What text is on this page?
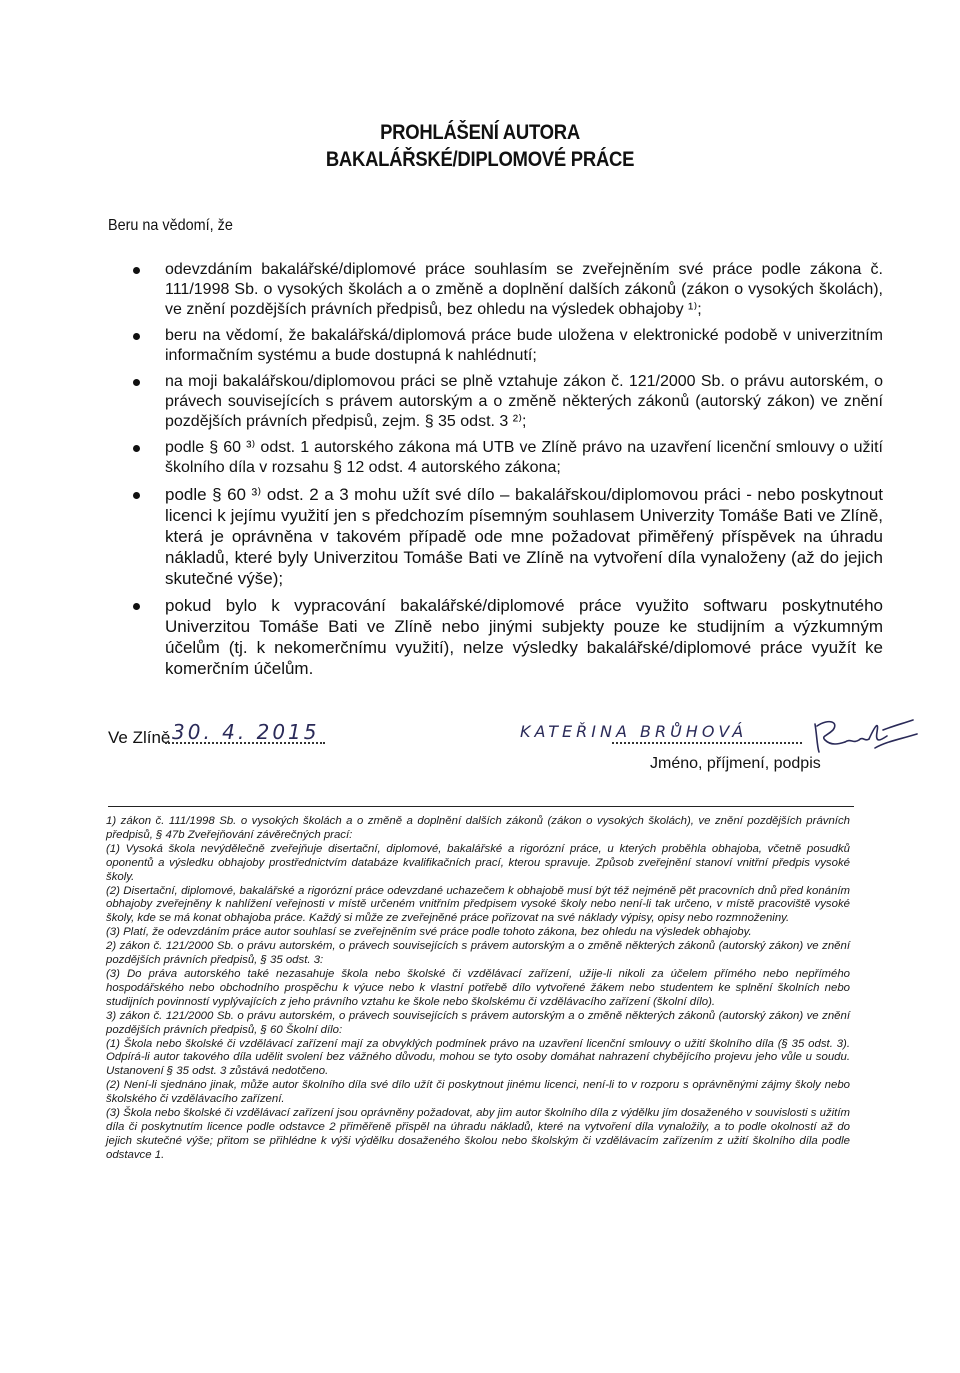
PROHLÁŠENÍ AUTORA
BAKALÁŘSKÉ/DIPLOMOVÉ PRÁCE
Beru na vědomí, že
odevzdáním bakalářské/diplomové práce souhlasím se zveřejněním své práce podle zákona č. 111/1998 Sb. o vysokých školách a o změně a doplnění dalších zákonů (zákon o vysokých školách), ve znění pozdějších právních předpisů, bez ohledu na výsledek obhajoby ¹⁾;
beru na vědomí, že bakalářská/diplomová práce bude uložena v elektronické podobě v univerzitním informačním systému a bude dostupná k nahlédnutí;
na moji bakalářskou/diplomovou práci se plně vztahuje zákon č. 121/2000 Sb. o právu autorském, o právech souvisejících s právem autorským a o změně některých zákonů (autorský zákon) ve znění pozdějších právních předpisů, zejm. § 35 odst. 3 ²⁾;
podle § 60 ³⁾ odst. 1 autorského zákona má UTB ve Zlíně právo na uzavření licenční smlouvy o užití školního díla v rozsahu § 12 odst. 4 autorského zákona;
podle § 60 ³⁾ odst. 2 a 3 mohu užít své dílo – bakalářskou/diplomovou práci - nebo poskytnout licenci k jejímu využití jen s předchozím písemným souhlasem Univerzity Tomáše Bati ve Zlíně, která je oprávněna v takovém případě ode mne požadovat přiměřený příspěvek na úhradu nákladů, které byly Univerzitou Tomáše Bati ve Zlíně na vytvoření díla vynaloženy (až do jejich skutečné výše);
pokud bylo k vypracování bakalářské/diplomové práce využito softwaru poskytnutého Univerzitou Tomáše Bati ve Zlíně nebo jinými subjekty pouze ke studijním a výzkumným účelům (tj. k nekomerčnímu využití), nelze výsledky bakalářské/diplomové práce využít ke komerčním účelům.
Ve Zlíně 30. 4. 2015	KATEŘINA BRŮHOVÁ
Jméno, příjmení, podpis

1) zákon č. 111/1998 Sb. o vysokých školách a o změně a doplnění dalších zákonů (zákon o vysokých školách), ve znění pozdějších právních předpisů, § 47b Zveřejňování závěrečných prací:

(1) Vysoká škola nevýdělečně zveřejňuje disertační, diplomové, bakalářské a rigorózní práce, u kterých proběhla obhajoba, včetně posudků oponentů a výsledku obhajoby prostřednictvím databáze kvalifikačních prací, kterou spravuje. Způsob zveřejnění stanoví vnitřní předpis vysoké školy.

(2) Disertační, diplomové, bakalářské a rigorózní práce odevzdané uchazečem k obhajobě musí být též nejméně pět pracovních dnů před konáním obhajoby zveřejněny k nahlížení veřejnosti v místě určeném vnitřním předpisem vysoké školy nebo není-li tak určeno, v místě pracoviště vysoké školy, kde se má konat obhajoba práce. Každý si může ze zveřejněné práce pořizovat na své náklady výpisy, opisy nebo rozmnoženiny.

(3) Platí, že odevzdáním práce autor souhlasí se zveřejněním své práce podle tohoto zákona, bez ohledu na výsledek obhajoby.

2) zákon č. 121/2000 Sb. o právu autorském, o právech souvisejících s právem autorským a o změně některých zákonů (autorský zákon) ve znění pozdějších právních předpisů, § 35 odst. 3:

(3) Do práva autorského také nezasahuje škola nebo školské či vzdělávací zařízení, užije-li nikoli za účelem přímého nebo nepřímého hospodářského nebo obchodního prospěchu k výuce nebo k vlastní potřebě dílo vytvořené žákem nebo studentem ke splnění školních nebo studijních povinností vyplývajících z jeho právního vztahu ke škole nebo školskému či vzdělávacího zařízení (školní dílo).

3) zákon č. 121/2000 Sb. o právu autorském, o právech souvisejících s právem autorským a o změně některých zákonů (autorský zákon) ve znění pozdějších právních předpisů, § 60 Školní dílo:

(1) Škola nebo školské či vzdělávací zařízení mají za obvyklých podmínek právo na uzavření licenční smlouvy o užití školního díla (§ 35 odst. 3). Odpírá-li autor takového díla udělit svolení bez vážného důvodu, mohou se tyto osoby domáhat nahrazení chybějícího projevu jeho vůle u soudu. Ustanovení § 35 odst. 3 zůstává nedotčeno.

(2) Není-li sjednáno jinak, může autor školního díla své dílo užít či poskytnout jinému licenci, není-li to v rozporu s oprávněnými zájmy školy nebo školského či vzdělávacího zařízení.

(3) Škola nebo školské či vzdělávací zařízení jsou oprávněny požadovat, aby jim autor školního díla z výdělku jím dosaženého v souvislosti s užitím díla či poskytnutím licence podle odstavce 2 přiměřeně přispěl na úhradu nákladů, které na vytvoření díla vynaložily, a to podle okolností až do jejich skutečné výše; přitom se přihlédne k výši výdělku dosaženého školou nebo školským či vzdělávacím zařízením z užití školního díla podle odstavce 1.
